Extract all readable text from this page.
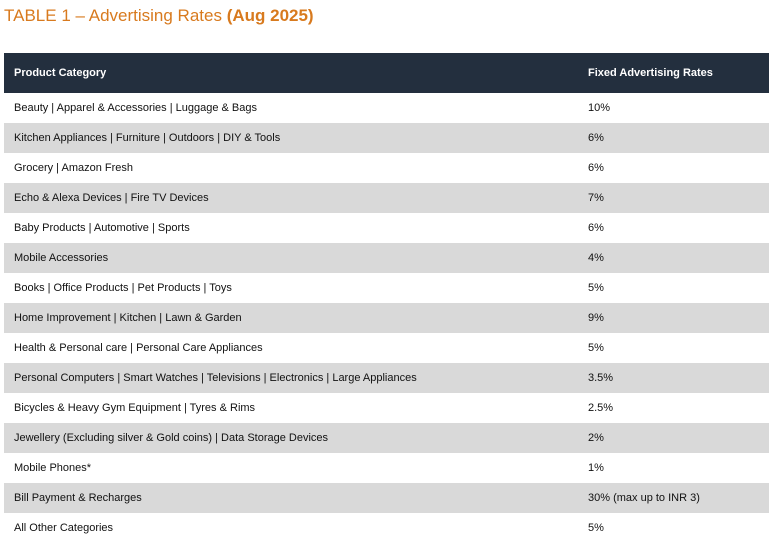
TABLE 1 – Advertising Rates (Aug 2025)
Product Category	Fixed Advertising Rates
Beauty | Apparel & Accessories | Luggage & Bags	10%
Kitchen Appliances | Furniture | Outdoors | DIY & Tools	6%
Grocery | Amazon Fresh	6%
Echo & Alexa Devices | Fire TV Devices	7%
Baby Products | Automotive | Sports	6%
Mobile Accessories	4%
Books | Office Products | Pet Products | Toys	5%
Home Improvement | Kitchen | Lawn & Garden	9%
Health & Personal care | Personal Care Appliances	5%
Personal Computers | Smart Watches | Televisions | Electronics | Large Appliances	3.5%
Bicycles & Heavy Gym Equipment | Tyres & Rims	2.5%
Jewellery (Excluding silver & Gold coins) | Data Storage Devices	2%
Mobile Phones*	1%
Bill Payment & Recharges	30% (max up to INR 3)
All Other Categories	5%
